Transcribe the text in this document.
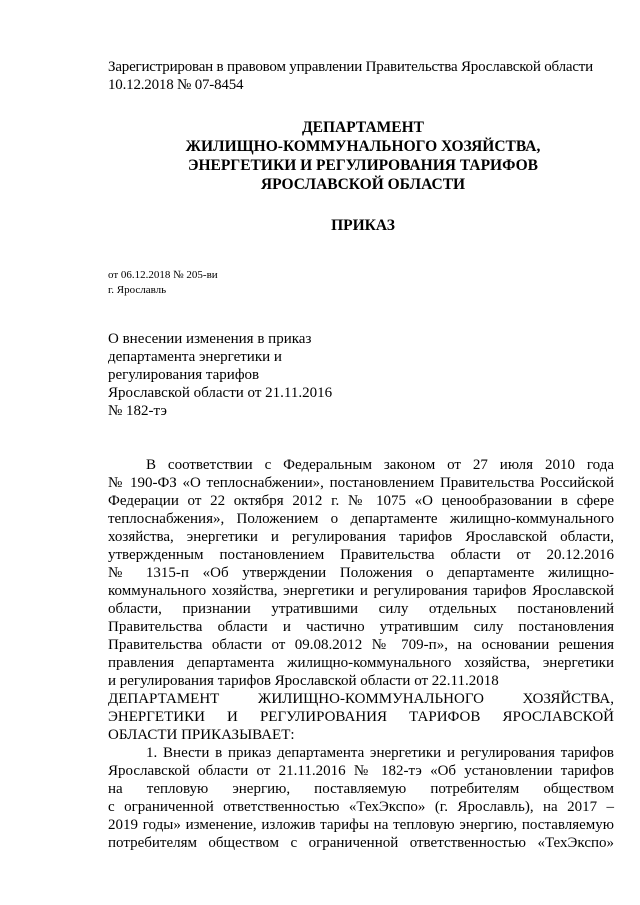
Зарегистрирован в правовом управлении Правительства Ярославской области
10.12.2018 № 07-8454
ДЕПАРТАМЕНТ
ЖИЛИЩНО-КОММУНАЛЬНОГО ХОЗЯЙСТВА,
ЭНЕРГЕТИКИ И РЕГУЛИРОВАНИЯ ТАРИФОВ
ЯРОСЛАВСКОЙ ОБЛАСТИ
ПРИКАЗ
от 06.12.2018 № 205-ви
г. Ярославль
О внесении изменения в приказ
департамента энергетики и
регулирования тарифов
Ярославской области от 21.11.2016
№ 182-тэ
В соответствии с Федеральным законом от 27 июля 2010 года
№ 190-ФЗ «О теплоснабжении», постановлением Правительства Российской
Федерации от 22 октября 2012 г. № 1075 «О ценообразовании в сфере
теплоснабжения», Положением о департаменте жилищно-коммунального
хозяйства, энергетики и регулирования тарифов Ярославской области,
утвержденным постановлением Правительства области от 20.12.2016
№ 1315-п «Об утверждении Положения о департаменте жилищно-
коммунального хозяйства, энергетики и регулирования тарифов Ярославской
области, признании утратившими силу отдельных постановлений
Правительства области и частично утратившим силу постановления
Правительства области от 09.08.2012 № 709-п», на основании решения
правления департамента жилищно-коммунального хозяйства, энергетики
и регулирования тарифов Ярославской области от 22.11.2018
ДЕПАРТАМЕНТ ЖИЛИЩНО-КОММУНАЛЬНОГО ХОЗЯЙСТВА,
ЭНЕРГЕТИКИ И РЕГУЛИРОВАНИЯ ТАРИФОВ ЯРОСЛАВСКОЙ
ОБЛАСТИ ПРИКАЗЫВАЕТ:
1. Внести в приказ департамента энергетики и регулирования тарифов
Ярославской области от 21.11.2016 № 182-тэ «Об установлении тарифов
на тепловую энергию, поставляемую потребителям обществом
с ограниченной ответственностью «ТехЭкспо» (г. Ярославль), на 2017 –
2019 годы» изменение, изложив тарифы на тепловую энергию, поставляемую
потребителям обществом с ограниченной ответственностью «ТехЭкспо»
